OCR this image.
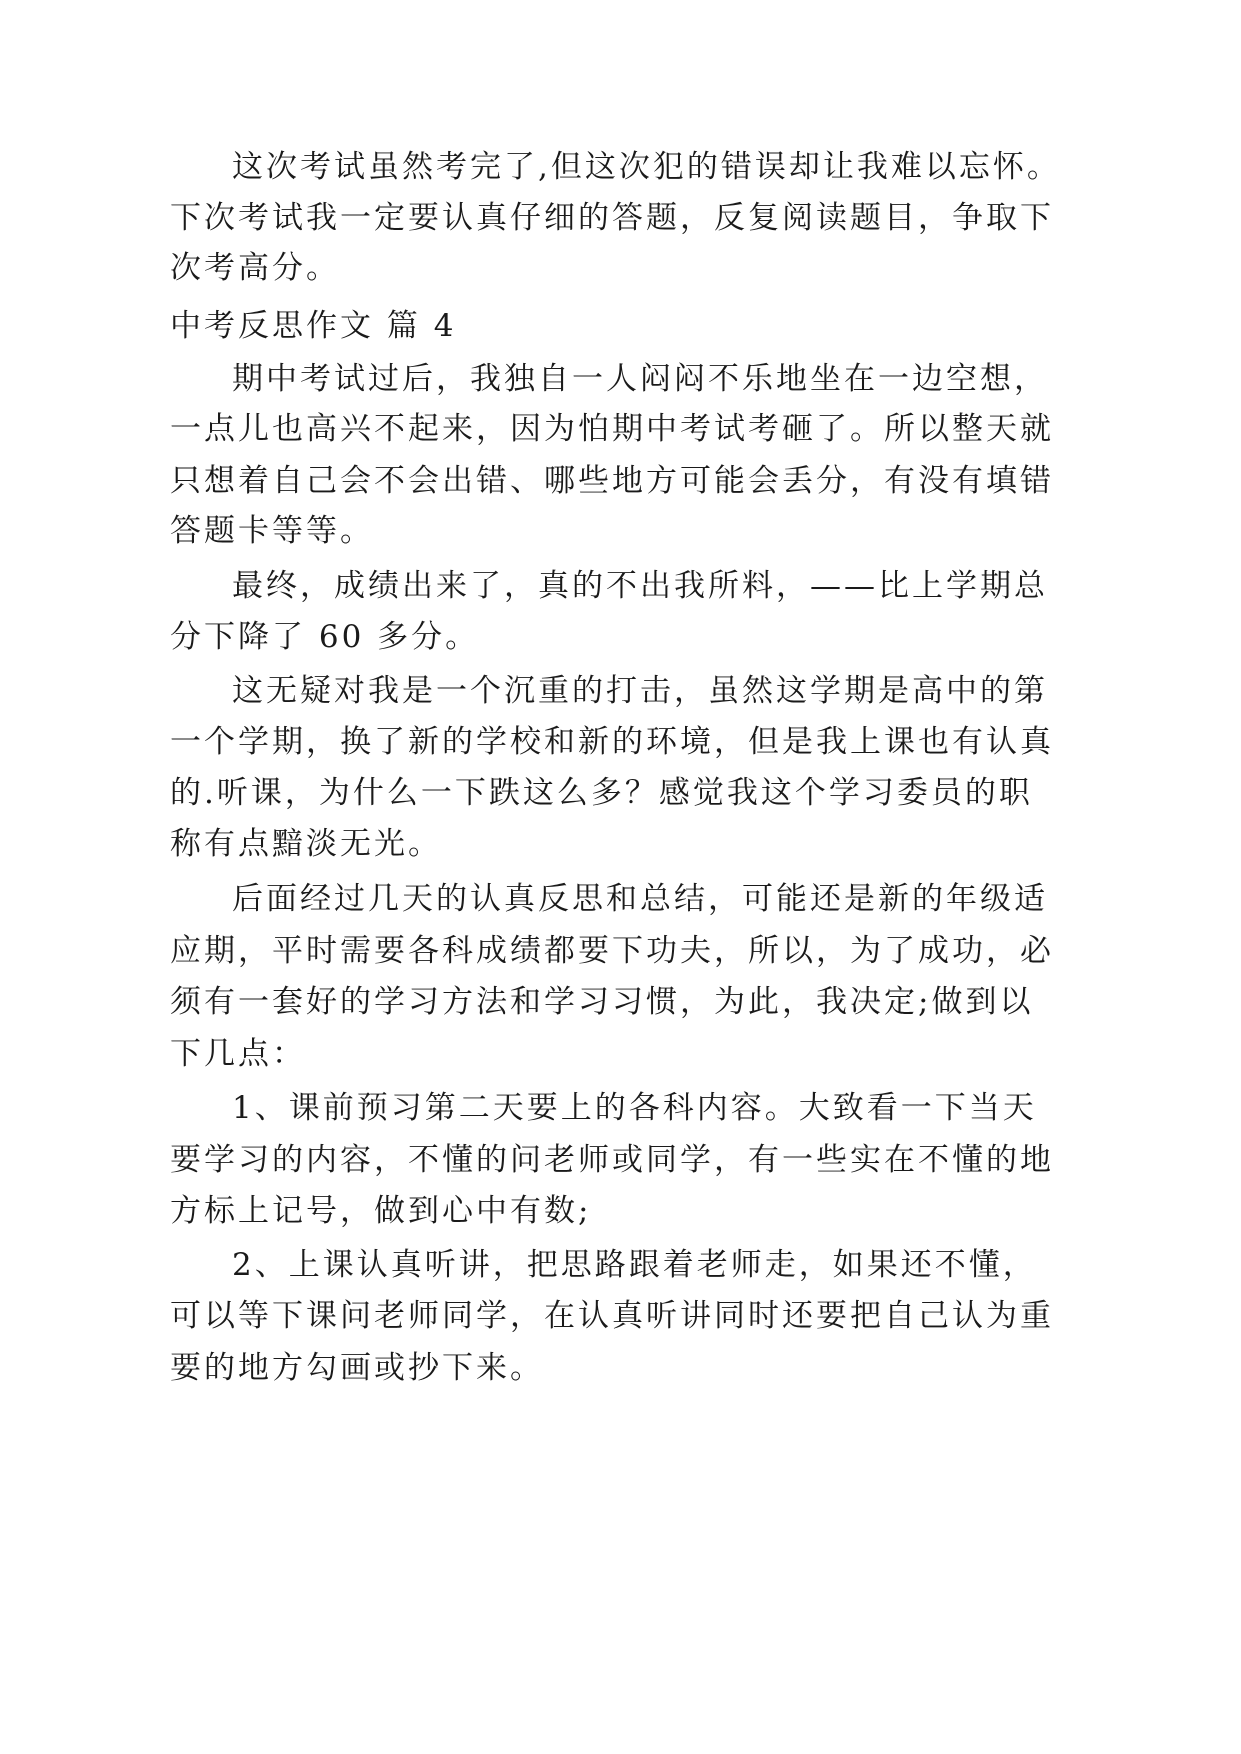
这次考试虽然考完了,但这次犯的错误却让我难以忘怀。
下次考试我一定要认真仔细的答题，反复阅读题目，争取下
次考高分。
中考反思作文 篇 4
期中考试过后，我独自一人闷闷不乐地坐在一边空想，
一点儿也高兴不起来，因为怕期中考试考砸了。所以整天就
只想着自己会不会出错、哪些地方可能会丢分，有没有填错
答题卡等等。
最终，成绩出来了，真的不出我所料，——比上学期总
分下降了 60 多分。
这无疑对我是一个沉重的打击，虽然这学期是高中的第
一个学期，换了新的学校和新的环境，但是我上课也有认真
的.听课，为什么一下跌这么多？感觉我这个学习委员的职
称有点黯淡无光。
后面经过几天的认真反思和总结，可能还是新的年级适
应期，平时需要各科成绩都要下功夫，所以，为了成功，必
须有一套好的学习方法和学习习惯，为此，我决定;做到以
下几点：
1、课前预习第二天要上的各科内容。大致看一下当天
要学习的内容，不懂的问老师或同学，有一些实在不懂的地
方标上记号，做到心中有数;
2、上课认真听讲，把思路跟着老师走，如果还不懂，
可以等下课问老师同学，在认真听讲同时还要把自己认为重
要的地方勾画或抄下来。
